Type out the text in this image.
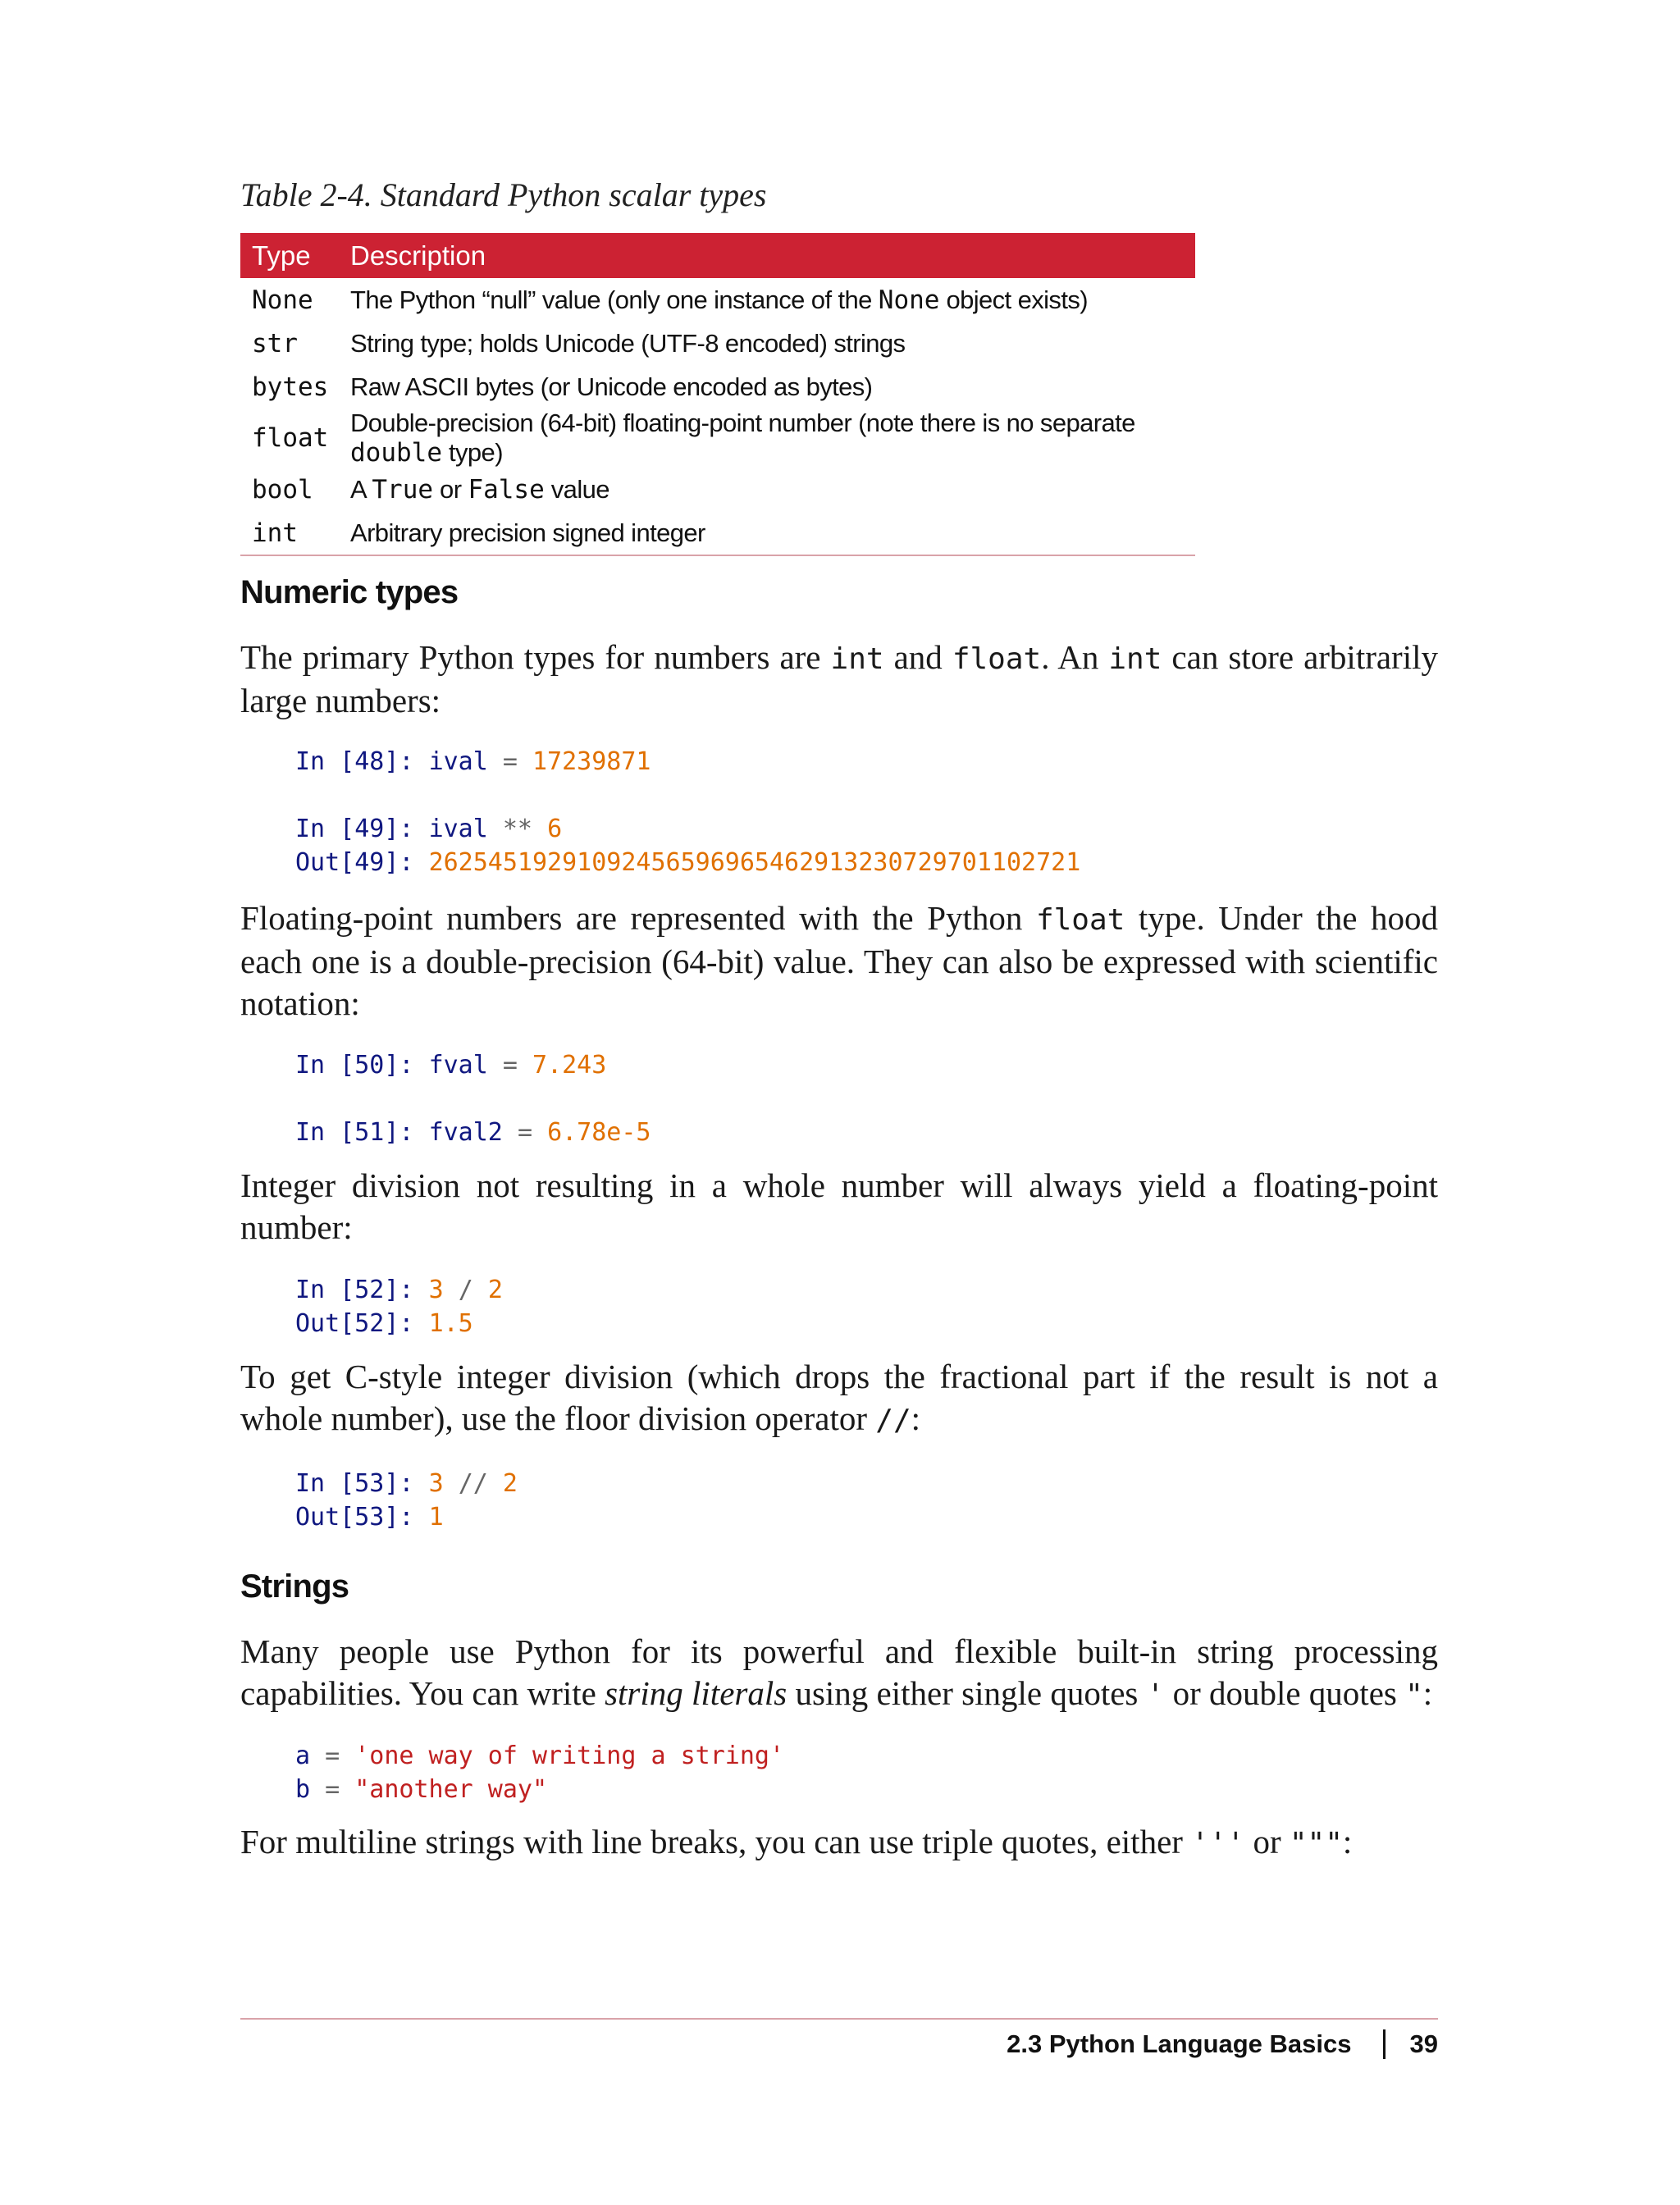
Table 2-4. Standard Python scalar types
Type	Description
None	The Python “null” value (only one instance of the None object exists)
str	String type; holds Unicode (UTF-8 encoded) strings
bytes	Raw ASCII bytes (or Unicode encoded as bytes)
float	Double-precision (64-bit) floating-point number (note there is no separate double type)
bool	A True or False value
int	Arbitrary precision signed integer
Numeric types

The primary Python types for numbers are int and float. An int can store arbitrarily large numbers:

In [48]: ival = 17239871
In [49]: ival ** 6
Out[49]: 26254519291092456596965462913230729701102721

Floating-point numbers are represented with the Python float type. Under the hood each one is a double-precision (64-bit) value. They can also be expressed with scientific notation:

In [50]: fval = 7.243
In [51]: fval2 = 6.78e-5

Integer division not resulting in a whole number will always yield a floating-point number:

In [52]: 3 / 2
Out[52]: 1.5

To get C-style integer division (which drops the fractional part if the result is not a whole number), use the floor division operator //:

In [53]: 3 // 2
Out[53]: 1
Strings

Many people use Python for its powerful and flexible built-in string processing capabilities. You can write string literals using either single quotes ' or double quotes ":

a = 'one way of writing a string'
b = "another way"

For multiline strings with line breaks, you can use triple quotes, either ''' or """:

2.3 Python Language Basics 39
